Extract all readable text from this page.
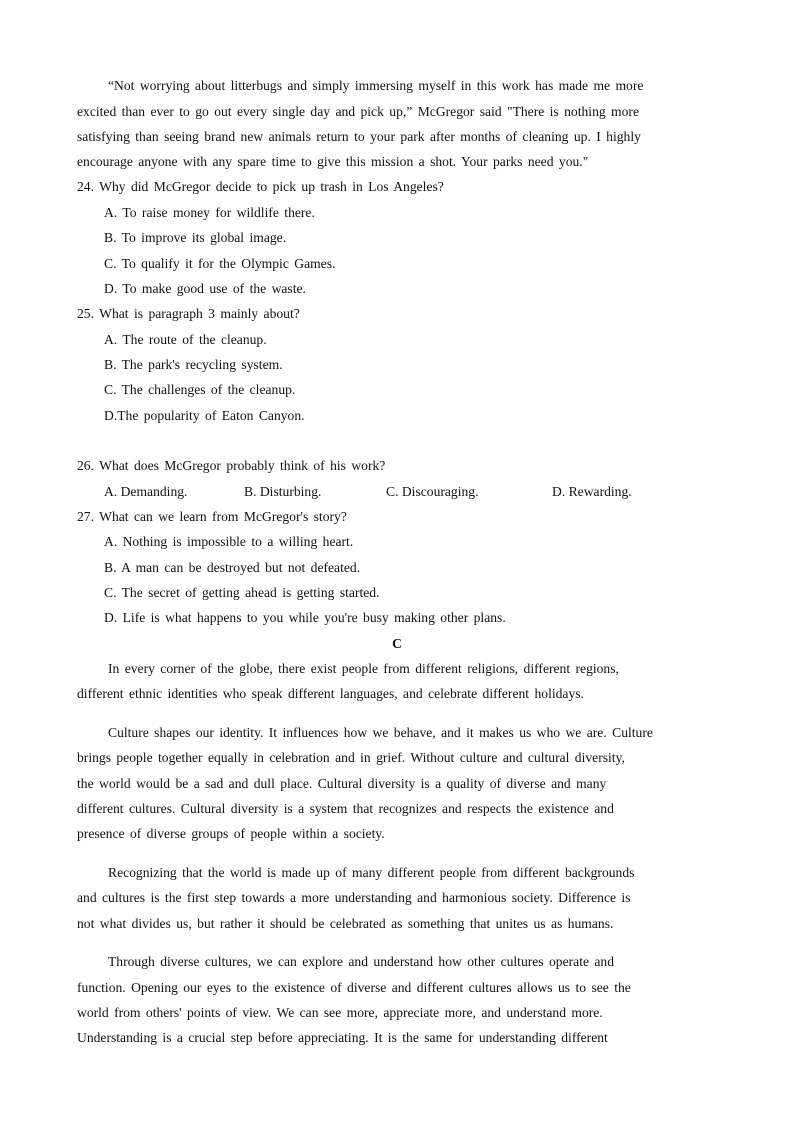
“Not worrying about litterbugs and simply immersing myself in this work has made me more
excited than ever to go out every single day and pick up,” McGregor said "There is nothing more
satisfying than seeing brand new animals return to your park after months of cleaning up. I highly
encourage anyone with any spare time to give this mission a shot. Your parks need you."
24. Why did McGregor decide to pick up trash in Los Angeles?
A. To raise money for wildlife there.
B. To improve its global image.
C. To qualify it for the Olympic Games.
D. To make good use of the waste.
25. What is paragraph 3 mainly about?
A. The route of the cleanup.
B. The park's recycling system.
C. The challenges of the cleanup.
D.The popularity of Eaton Canyon.
26. What does McGregor probably think of his work?
A. Demanding.	B. Disturbing.	C. Discouraging.	D. Rewarding.
27. What can we learn from McGregor's story?
A. Nothing is impossible to a willing heart.
B. A man can be destroyed but not defeated.
C. The secret of getting ahead is getting started.
D. Life is what happens to you while you're busy making other plans.
C
In every corner of the globe, there exist people from different religions, different regions,
different ethnic identities who speak different languages, and celebrate different holidays.
Culture shapes our identity. It influences how we behave, and it makes us who we are. Culture
brings people together equally in celebration and in grief. Without culture and cultural diversity,
the world would be a sad and dull place. Cultural diversity is a quality of diverse and many
different cultures. Cultural diversity is a system that recognizes and respects the existence and
presence of diverse groups of people within a society.
Recognizing that the world is made up of many different people from different backgrounds
and cultures is the first step towards a more understanding and harmonious society. Difference is
not what divides us, but rather it should be celebrated as something that unites us as humans.
Through diverse cultures, we can explore and understand how other cultures operate and
function. Opening our eyes to the existence of diverse and different cultures allows us to see the
world from others' points of view. We can see more, appreciate more, and understand more.
Understanding is a crucial step before appreciating. It is the same for understanding different
